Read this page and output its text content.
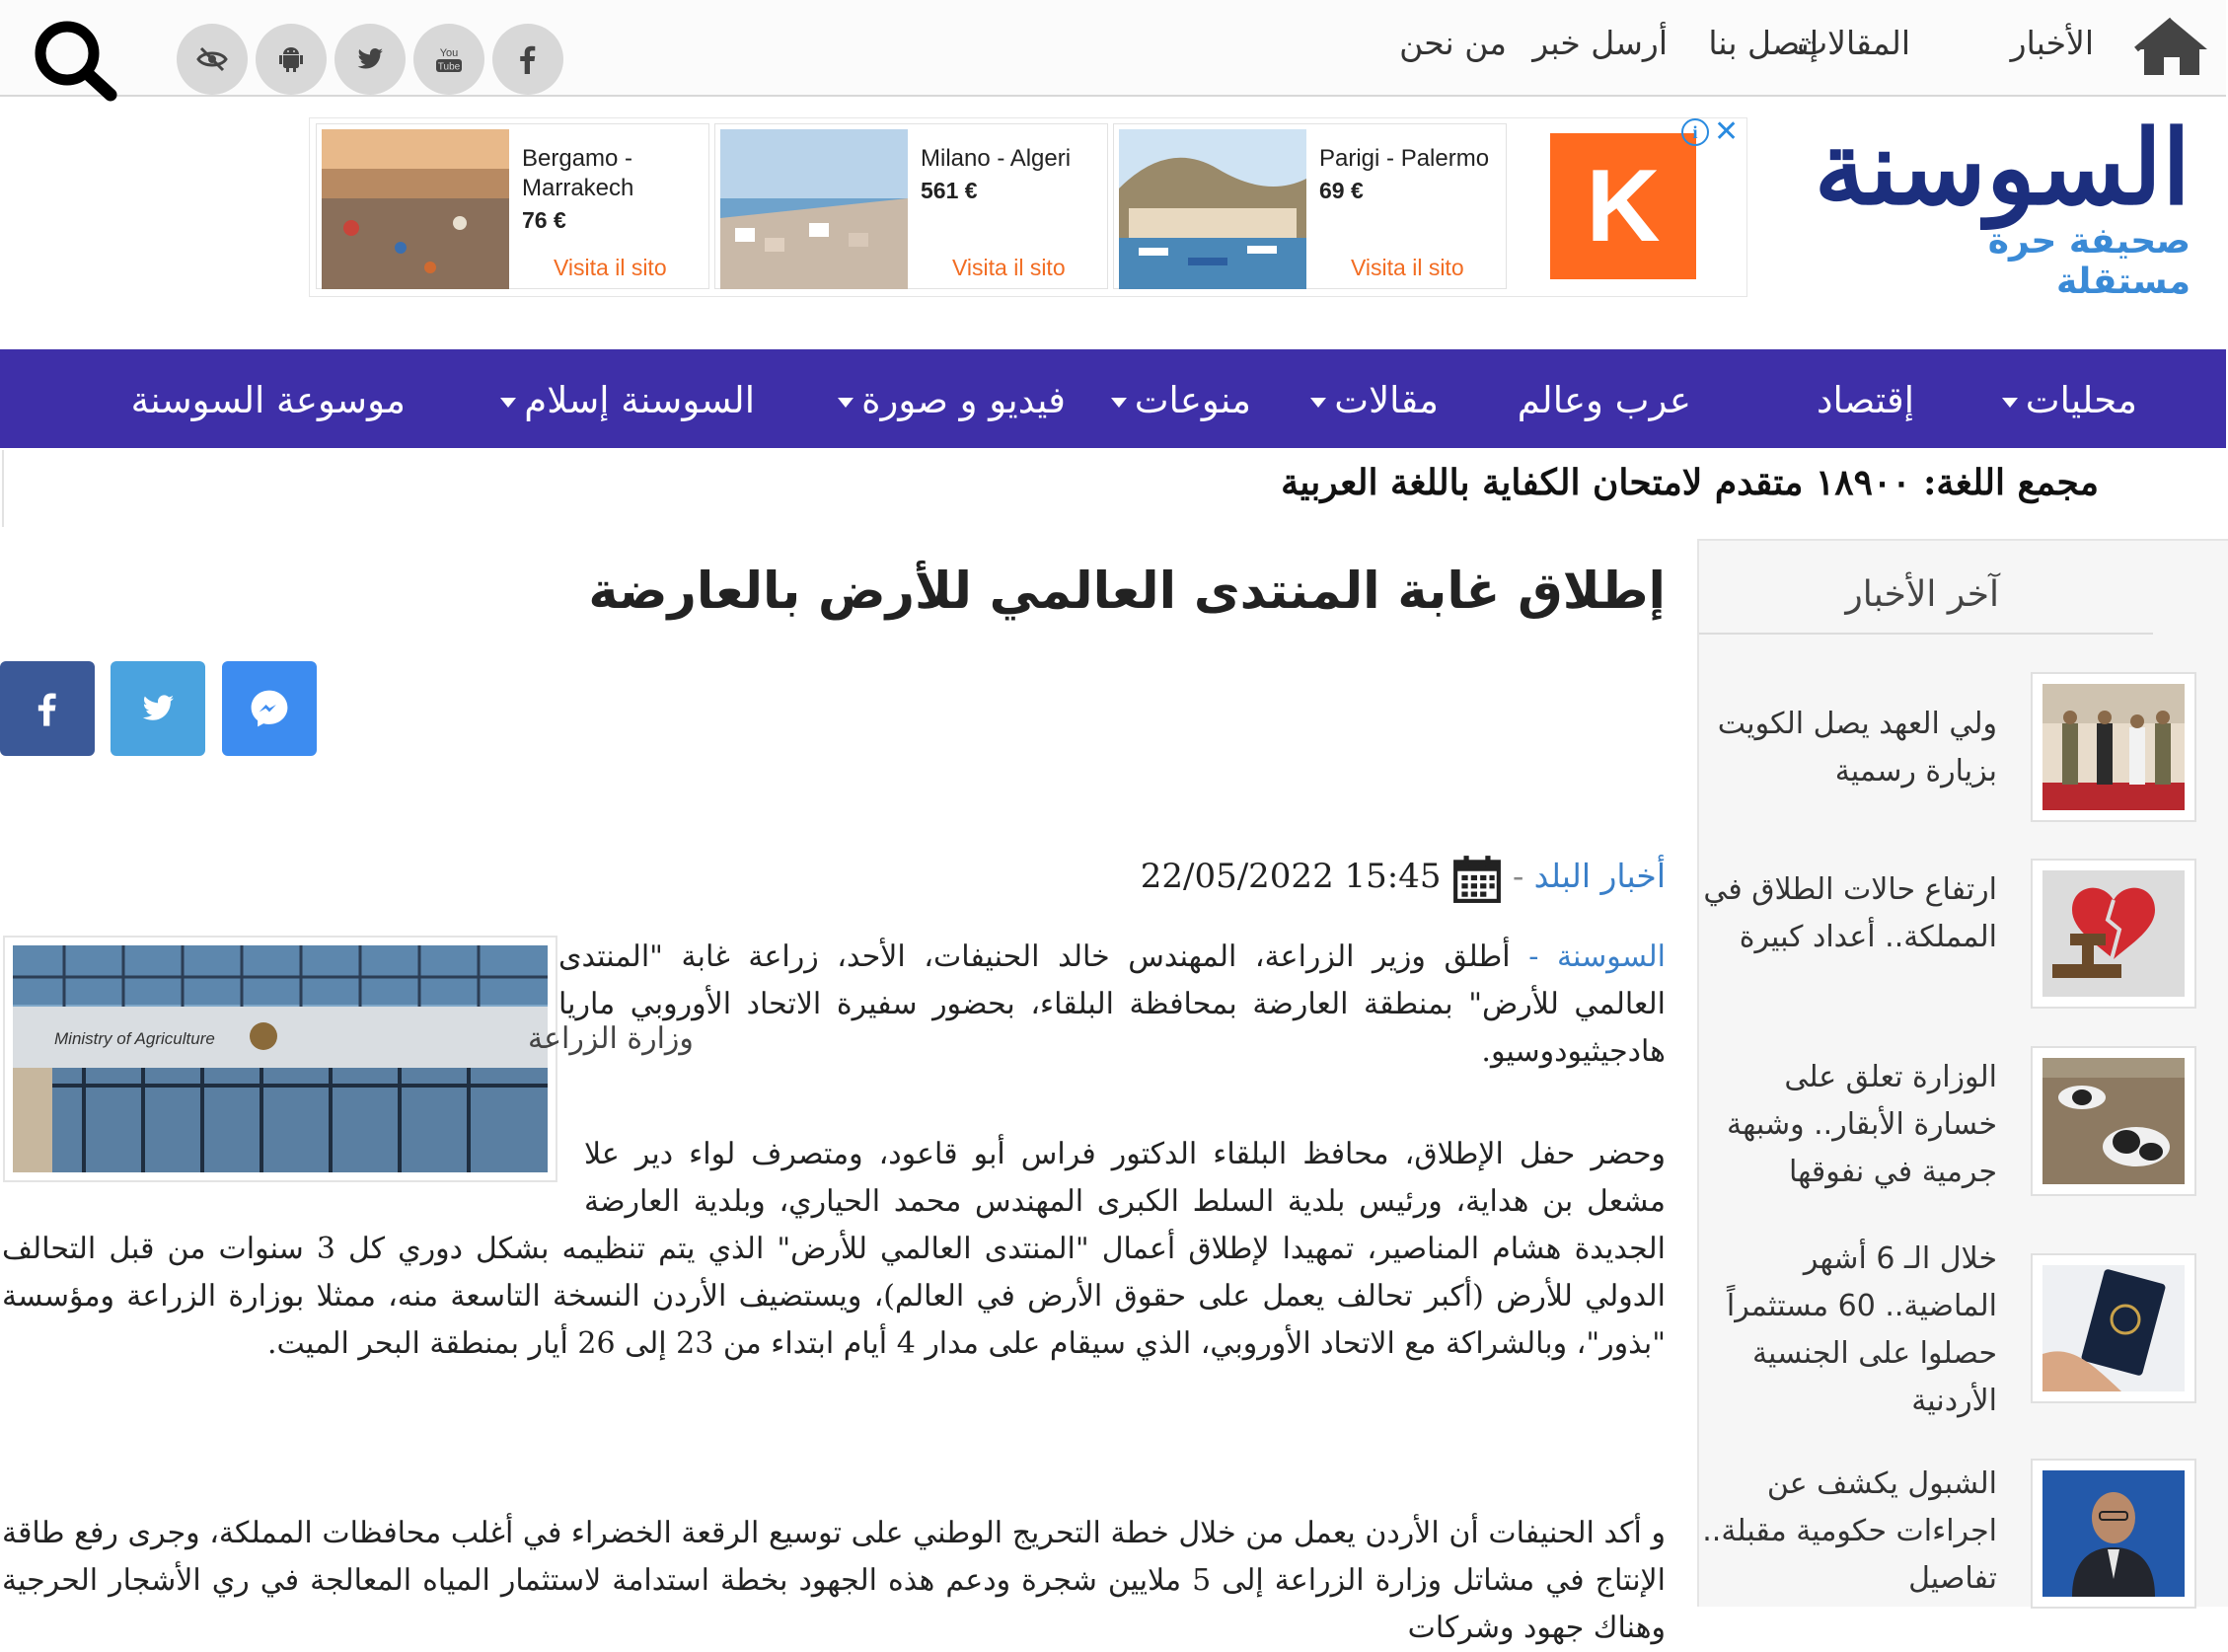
الأخبار
المقالات
إتصل بنا
أرسل خبر
من نحن
You
Tube
السوسنة
صحيفة حرة مستقلة
Parigi - Palermo
69 €
Visita il sito
Milano - Algeri
561 €
Visita il sito
Bergamo - Marrakech
76 €
Visita il sito
K
i ✕
محليات
إقتصاد
عرب وعالم
مقالات
منوعات
فيديو و صورة
السوسنة إسلام
موسوعة السوسنة
مجمع اللغة: ١٨٩٠٠ متقدم لامتحان الكفاية باللغة العربية
إطلاق غابة المنتدى العالمي للأرض بالعارضة
أخبار البلد -  22/05/2022 15:45
Ministry of Agriculture	وزارة الزراعة
السوسنة - أطلق وزير الزراعة، المهندس خالد الحنيفات، الأحد، زراعة غابة "المنتدى العالمي للأرض" بمنطقة العارضة بمحافظة البلقاء، بحضور سفيرة الاتحاد الأوروبي ماريا هادجيثيودوسيو.
وحضر حفل الإطلاق، محافظ البلقاء الدكتور فراس أبو قاعود، ومتصرف لواء دير علا مشعل بن هداية، ورئيس بلدية السلط الكبرى المهندس محمد الحياري، وبلدية العارضة الجديدة هشام المناصير، تمهيدا لإطلاق أعمال "المنتدى العالمي للأرض" الذي يتم تنظيمه بشكل دوري كل 3 سنوات من قبل التحالف الدولي للأرض (أكبر تحالف يعمل على حقوق الأرض في العالم)، ويستضيف الأردن النسخة التاسعة منه، ممثلا بوزارة الزراعة ومؤسسة "بذور"، وبالشراكة مع الاتحاد الأوروبي، الذي سيقام على مدار 4 أيام ابتداء من 23 إلى 26 أيار بمنطقة البحر الميت.
و أكد الحنيفات أن الأردن يعمل من خلال خطة التحريج الوطني على توسيع الرقعة الخضراء في أغلب محافظات المملكة، وجرى رفع طاقة الإنتاج في مشاتل وزارة الزراعة إلى 5 ملايين شجرة ودعم هذه الجهود بخطة استدامة لاستثمار المياه المعالجة في ري الأشجار الحرجية وهناك جهود وشركات
آخر الأخبار
ولي العهد يصل الكويت بزيارة رسمية
ارتفاع حالات الطلاق في المملكة.. أعداد كبيرة
الوزارة تعلق على خسارة الأبقار.. وشبهة جرمية في نفوقها
خلال الـ 6 أشهر الماضية.. 60 مستثمراً حصلوا على الجنسية الأردنية
الشبول يكشف عن اجراءات حكومية مقبلة.. تفاصيل
